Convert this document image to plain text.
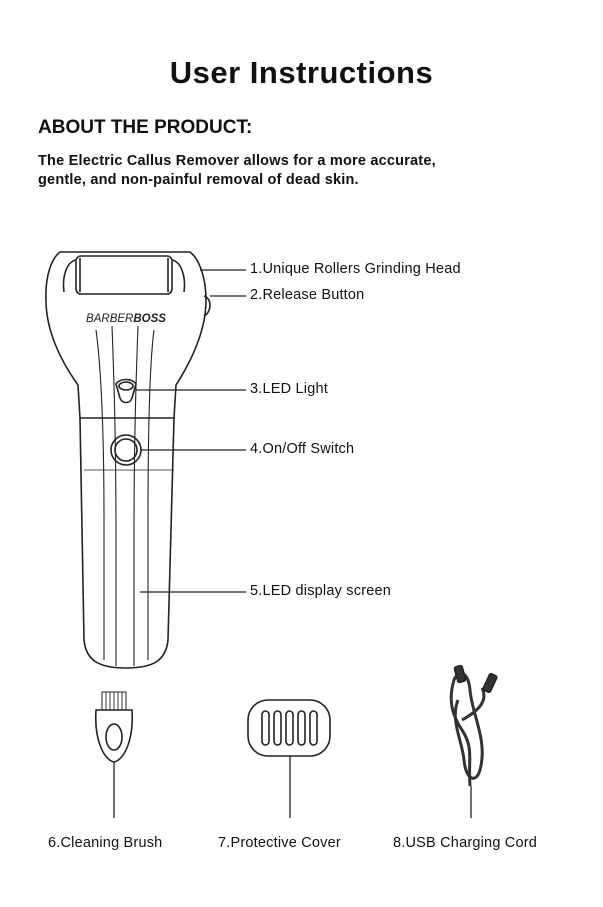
BARBERBOSS
User Instructions
ABOUT THE PRODUCT:
The Electric Callus Remover allows for a more accurate,
gentle, and non-painful removal of dead skin.
1.Unique Rollers Grinding Head
2.Release Button
3.LED Light
4.On/Off Switch
5.LED display screen
6.Cleaning Brush	7.Protective Cover	8.USB Charging Cord
